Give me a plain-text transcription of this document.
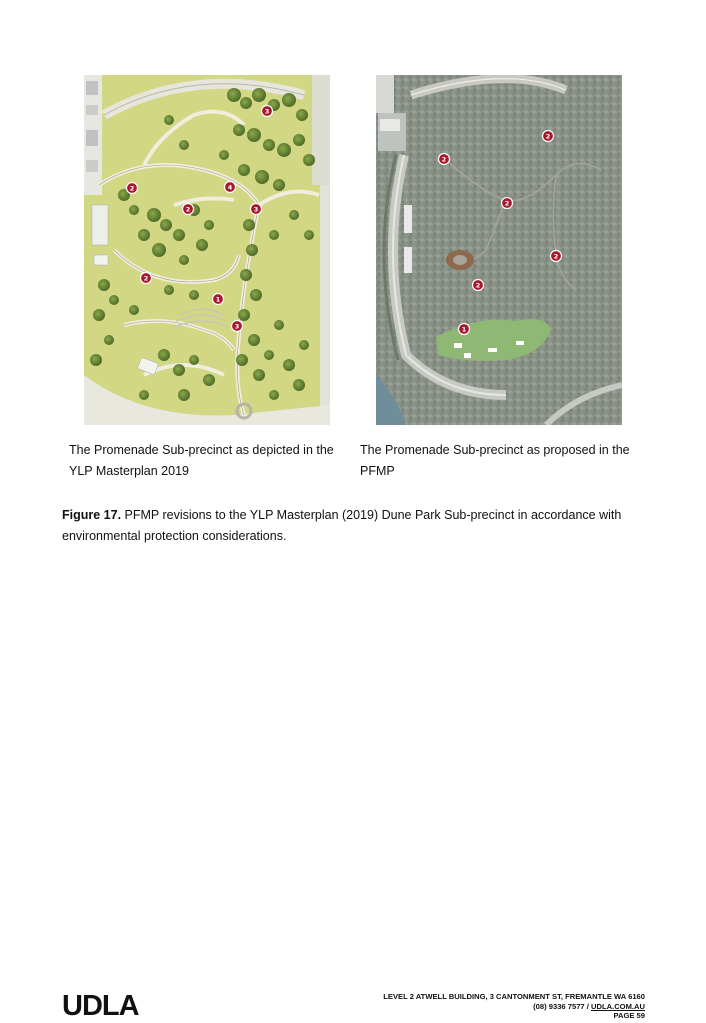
3
2	4
2	3
2
1
3
2
2
2
2
2
1
The Promenade Sub-precinct as depicted in the YLP Masterplan 2019
The Promenade Sub-precinct as proposed in the PFMP
Figure 17. PFMP revisions to the YLP Masterplan (2019) Dune Park Sub-precinct in accordance with environmental protection considerations.
UDLA	LEVEL 2 ATWELL BUILDING, 3 CANTONMENT ST, FREMANTLE WA 6160
(08) 9336 7577 / UDLA.COM.AU
PAGE 59
